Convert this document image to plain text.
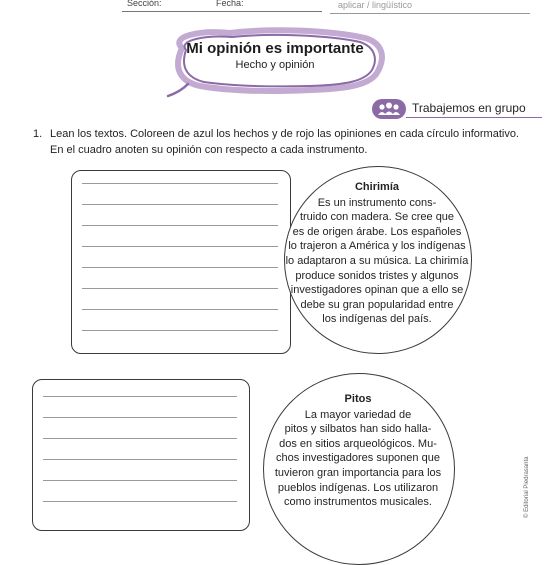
Sección:	Fecha:	aplicar / lingüístico
Mi opinión es importante
Hecho y opinión
Trabajemos en grupo
1. Lean los textos. Coloreen de azul los hechos y de rojo las opiniones en cada círculo informativo.
En el cuadro anoten su opinión con respecto a cada instrumento.
Chirimía
Es un instrumento cons-
truido con madera. Se cree que
es de origen árabe. Los españoles
lo trajeron a América y los indígenas
lo adaptaron a su música. La chirimía
produce sonidos tristes y algunos
investigadores opinan que a ello se
debe su gran popularidad entre
los indígenas del país.
Pitos
La mayor variedad de
pitos y silbatos han sido halla-
dos en sitios arqueológicos. Mu-
chos investigadores suponen que
tuvieron gran importancia para los
pueblos indígenas. Los utilizaron
como instrumentos musicales.	© Editorial Piedrasanta
